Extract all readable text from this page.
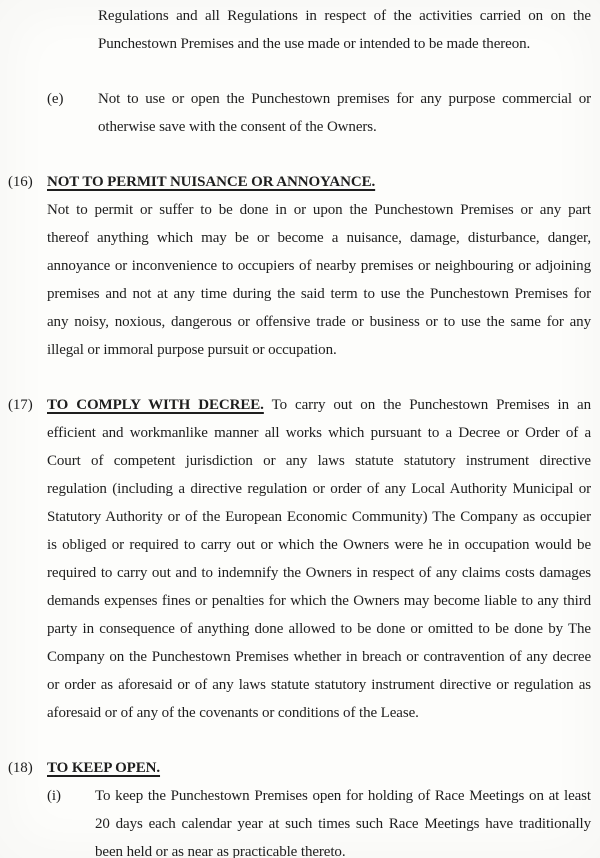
Regulations and all Regulations in respect of the activities carried on on the
Punchestown Premises and the use made or intended to be made thereon.
(e)	Not to use or open the Punchestown premises for any purpose commercial or
otherwise save with the consent of the Owners.
(16) NOT TO PERMIT NUISANCE OR ANNOYANCE.
Not to permit or suffer to be done in or upon the Punchestown Premises or any part
thereof anything which may be or become a nuisance, damage, disturbance, danger,
annoyance or inconvenience to occupiers of nearby premises or neighbouring or adjoining
premises and not at any time during the said term to use the Punchestown Premises for
any noisy, noxious, dangerous or offensive trade or business or to use the same for any
illegal or immoral purpose pursuit or occupation.
(17) TO COMPLY WITH DECREE. To carry out on the Punchestown Premises in an
efficient and workmanlike manner all works which pursuant to a Decree or Order of a
Court of competent jurisdiction or any laws statute statutory instrument directive
regulation (including a directive regulation or order of any Local Authority Municipal or
Statutory Authority or of the European Economic Community) The Company as occupier
is obliged or required to carry out or which the Owners were he in occupation would be
required to carry out and to indemnify the Owners in respect of any claims costs damages
demands expenses fines or penalties for which the Owners may become liable to any third
party in consequence of anything done allowed to be done or omitted to be done by The
Company on the Punchestown Premises whether in breach or contravention of any decree
or order as aforesaid or of any laws statute statutory instrument directive or regulation as
aforesaid or of any of the covenants or conditions of the Lease.
(18) TO KEEP OPEN.
(i)	To keep the Punchestown Premises open for holding of Race Meetings on at least
20 days each calendar year at such times such Race Meetings have traditionally
been held or as near as practicable thereto.
